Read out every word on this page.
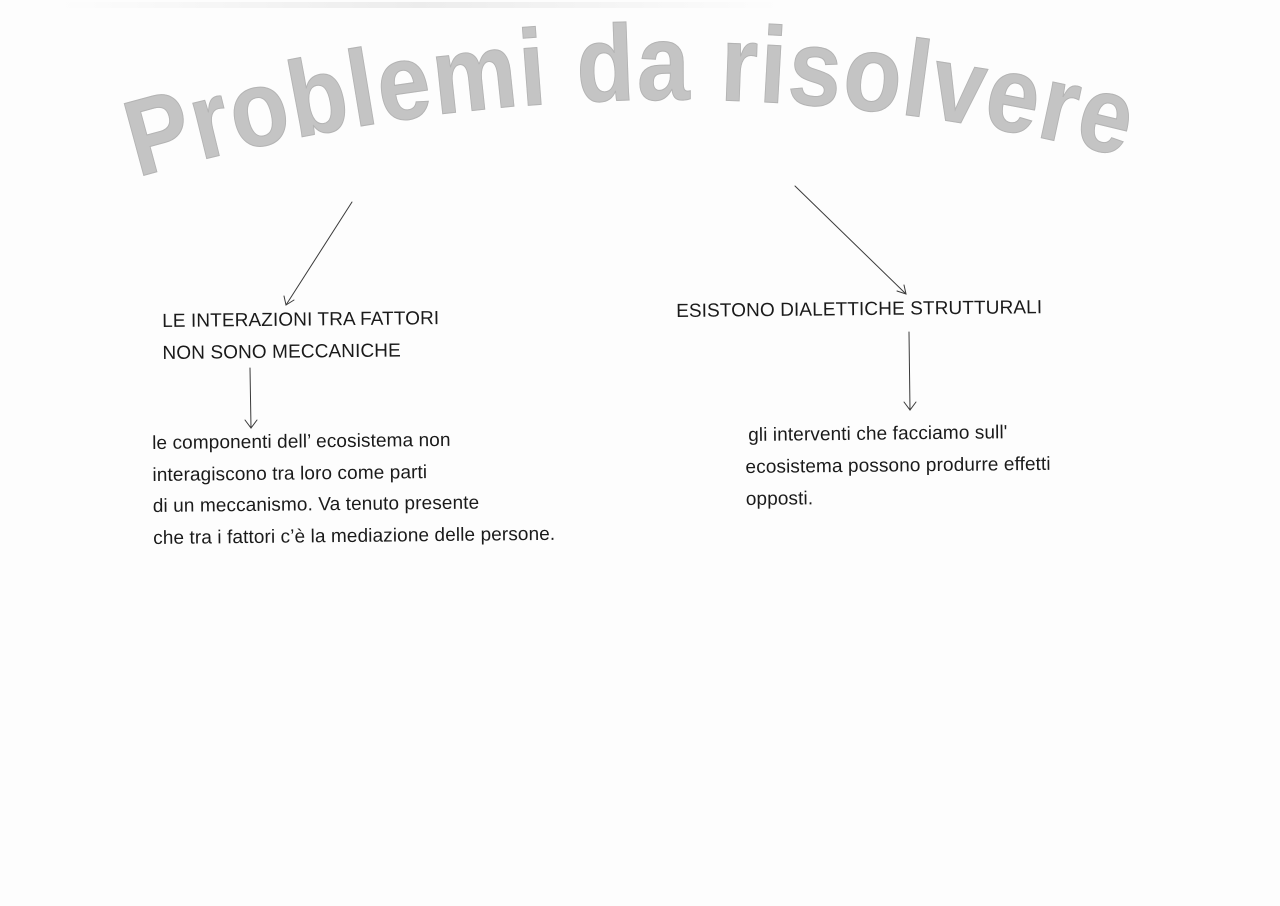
Problemi da risolvere
LE INTERAZIONI TRA FATTORI
NON SONO MECCANICHE
ESISTONO DIALETTICHE STRUTTURALI
le componenti dell’ ecosistema non
interagiscono tra loro come parti
di un meccanismo. Va tenuto presente
che tra i fattori c’è la mediazione delle persone.
gli interventi che facciamo sull'
ecosistema possono produrre effetti
opposti.
